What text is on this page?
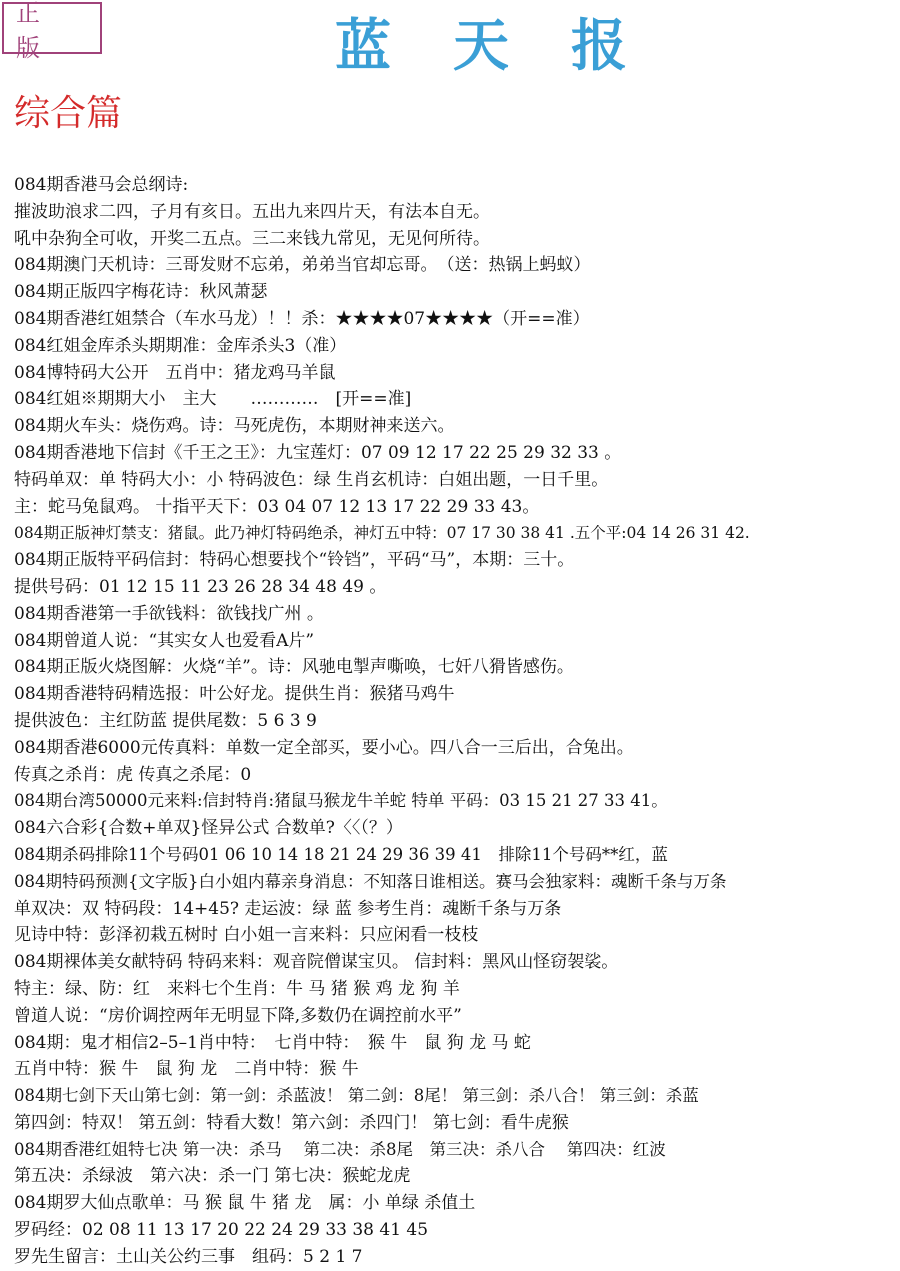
正 版	蓝天报
综合篇
084期香港马会总纲诗:
摧波助浪求二四，子月有亥日。五出九来四片天，有法本自无。
吼中杂狗全可收，开奖二五点。三二来钱九常见，无见何所待。
084期澳门天机诗：三哥发财不忘弟，弟弟当官却忘哥。　（送：热锅上蚂蚁）
084期正版四字梅花诗：秋风萧瑟
084期香港红姐禁合（车水马龙）！！杀：★★★★07★★★★（开==准）
084红姐金库杀头期期准：金库杀头3（准）
084博特码大公开　五肖中：猪龙鸡马羊鼠
084红姐※期期大小　主大　　…………　[开==准]
084期火车头：烧伤鸡。诗：马死虎伤，本期财神来送六。
084期香港地下信封《千王之王》：九宝莲灯：07 09 12 17 22 25 29 32 33 。
特码单双：单 特码大小：小 特码波色：绿 生肖玄机诗：白姐出题，一日千里。
主：蛇马兔鼠鸡。 十指平天下：03 04 07 12 13 17 22 29 33 43。
084期正版神灯禁支：猪鼠。此乃神灯特码绝杀，神灯五中特：07 17 30 38 41 .五个平:04 14 26 31 42.
084期正版特平码信封：特码心想要找个“铃铛”，平码“马”，本期：三十。
提供号码：01 12 15 11 23 26 28 34 48 49 。
084期香港第一手欲钱料：欲钱找广州 。
084期曾道人说：“其实女人也爱看A片”
084期正版火烧图解：火烧“羊”。诗：风驰电掣声嘶唤，七奸八猾皆感伤。
084期香港特码精选报：叶公好龙。提供生肖：猴猪马鸡牛
提供波色：主红防蓝 提供尾数：5 6 3 9
084期香港6000元传真料：单数一定全部买，要小心。四八合一三后出，合兔出。
传真之杀肖：虎 传真之杀尾：0
084期台湾50000元来料:信封特肖:猪鼠马猴龙牛羊蛇 特单 平码：03 15 21 27 33 41。
084六合彩{合数+单双}怪异公式 合数单?〈〈（？）
084期杀码排除11个号码01 06 10 14 18 21 24 29 36 39 41　排除11个号码**红，蓝
084期特码预测{文字版}白小姐内幕亲身消息：不知落日谁相送。赛马会独家料：魂断千条与万条
单双决：双 特码段：14+45? 走运波：绿 蓝 参考生肖：魂断千条与万条
见诗中特：彭泽初栽五树时 白小姐一言来料：只应闲看一枝枝
084期裸体美女献特码 特码来料：观音院僧谋宝贝。 信封料：黑风山怪窃袈裟。
特主：绿、防：红　来料七个生肖：牛 马 猪 猴 鸡 龙 狗 羊
曾道人说：“房价调控两年无明显下降,多数仍在调控前水平”
084期：鬼才相信2–5–1肖中特：　七肖中特：　猴 牛　鼠 狗 龙 马 蛇
五肖中特：猴 牛　鼠 狗 龙　二肖中特：猴 牛
084期七剑下天山第七剑：第一剑：杀蓝波！ 第二剑：8尾！ 第三剑：杀八合！ 第三剑：杀蓝
第四剑：特双！ 第五剑：特看大数！第六剑：杀四门！ 第七剑：看牛虎猴
084期香港红姐特七决 第一决：杀马　 第二决：杀8尾　第三决：杀八合　 第四决：红波
第五决：杀绿波　第六决：杀一门 第七决：猴蛇龙虎
084期罗大仙点歌单：马 猴 鼠 牛 猪 龙　属：小 单绿 杀值土
罗码经：02 08 11 13 17 20 22 24 29 33 38 41 45
罗先生留言：土山关公约三事　组码：5 2 1 7
